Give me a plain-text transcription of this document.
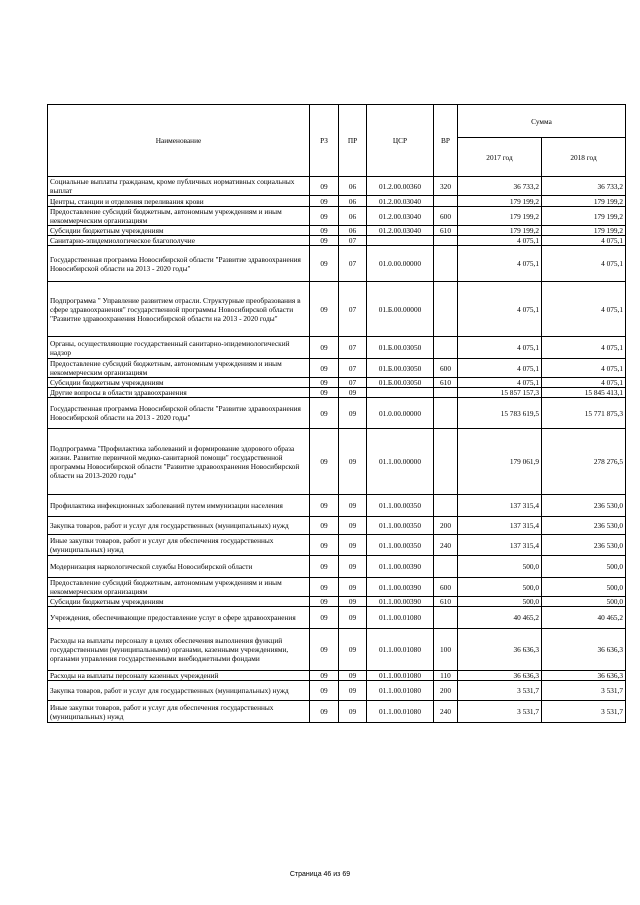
Наименование	РЗ	ПР	ЦСР	ВР	Сумма	
					2017 год	2018 год
Социальные выплаты гражданам, кроме публичных нормативных социальных выплат	09	06	01.2.00.00360	320	36 733,2	36 733,2
Центры, станции и отделения переливания крови	09	06	01.2.00.03040		179 199,2	179 199,2
Предоставление субсидий бюджетным, автономным учреждениям и иным некоммерческим организациям	09	06	01.2.00.03040	600	179 199,2	179 199,2
Субсидии бюджетным учреждениям	09	06	01.2.00.03040	610	179 199,2	179 199,2
Санитарно-эпидемиологическое благополучие	09	07			4 075,1	4 075,1
Государственная программа Новосибирской области "Развитие здравоохранения Новосибирской области на 2013 - 2020 годы"	09	07	01.0.00.00000		4 075,1	4 075,1
Подпрограмма " Управление развитием отрасли. Структурные преобразования в сфере здравоохранения" государственной программы Новосибирской области "Развитие здравоохранения Новосибирской области на 2013 - 2020 годы"	09	07	01.Б.00.00000		4 075,1	4 075,1
Органы, осуществляющие государственный санитарно-эпидемиологический надзор	09	07	01.Б.00.03050		4 075,1	4 075,1
Предоставление субсидий бюджетным, автономным учреждениям и иным некоммерческим организациям	09	07	01.Б.00.03050	600	4 075,1	4 075,1
Субсидии бюджетным учреждениям	09	07	01.Б.00.03050	610	4 075,1	4 075,1
Другие вопросы в области здравоохранения	09	09			15 857 157,3	15 845 413,1
Государственная программа Новосибирской области "Развитие здравоохранения Новосибирской области на 2013 - 2020 годы"	09	09	01.0.00.00000		15 783 619,5	15 771 875,3
Подпрограмма "Профилактика заболеваний и формирование здорового образа жизни. Развитие первичной медико-санитарной помощи" государственной программы Новосибирской области "Развитие здравоохранения Новосибирской области на 2013-2020 годы"	09	09	01.1.00.00000		179 061,9	278 276,5
Профилактика инфекционных заболеваний путем иммунизации населения	09	09	01.1.00.00350		137 315,4	236 530,0
Закупка товаров, работ и услуг для государственных (муниципальных) нужд	09	09	01.1.00.00350	200	137 315,4	236 530,0
Иные закупки товаров, работ и услуг для обеспечения государственных (муниципальных) нужд	09	09	01.1.00.00350	240	137 315,4	236 530,0
Модернизация наркологической службы Новосибирской области	09	09	01.1.00.00390		500,0	500,0
Предоставление субсидий бюджетным, автономным учреждениям и иным некоммерческим организациям	09	09	01.1.00.00390	600	500,0	500,0
Субсидии бюджетным учреждениям	09	09	01.1.00.00390	610	500,0	500,0
Учреждения, обеспечивающие предоставление услуг в сфере здравоохранения	09	09	01.1.00.01080		40 465,2	40 465,2
Расходы на выплаты персоналу в целях обеспечения выполнения функций государственными (муниципальными) органами, казенными учреждениями, органами управления государственными внебюджетными фондами	09	09	01.1.00.01080	100	36 636,3	36 636,3
Расходы на выплаты персоналу казенных учреждений	09	09	01.1.00.01080	110	36 636,3	36 636,3
Закупка товаров, работ и услуг для государственных (муниципальных) нужд	09	09	01.1.00.01080	200	3 531,7	3 531,7
Иные закупки товаров, работ и услуг для обеспечения государственных (муниципальных) нужд	09	09	01.1.00.01080	240	3 531,7	3 531,7
Страница 46 из 69
